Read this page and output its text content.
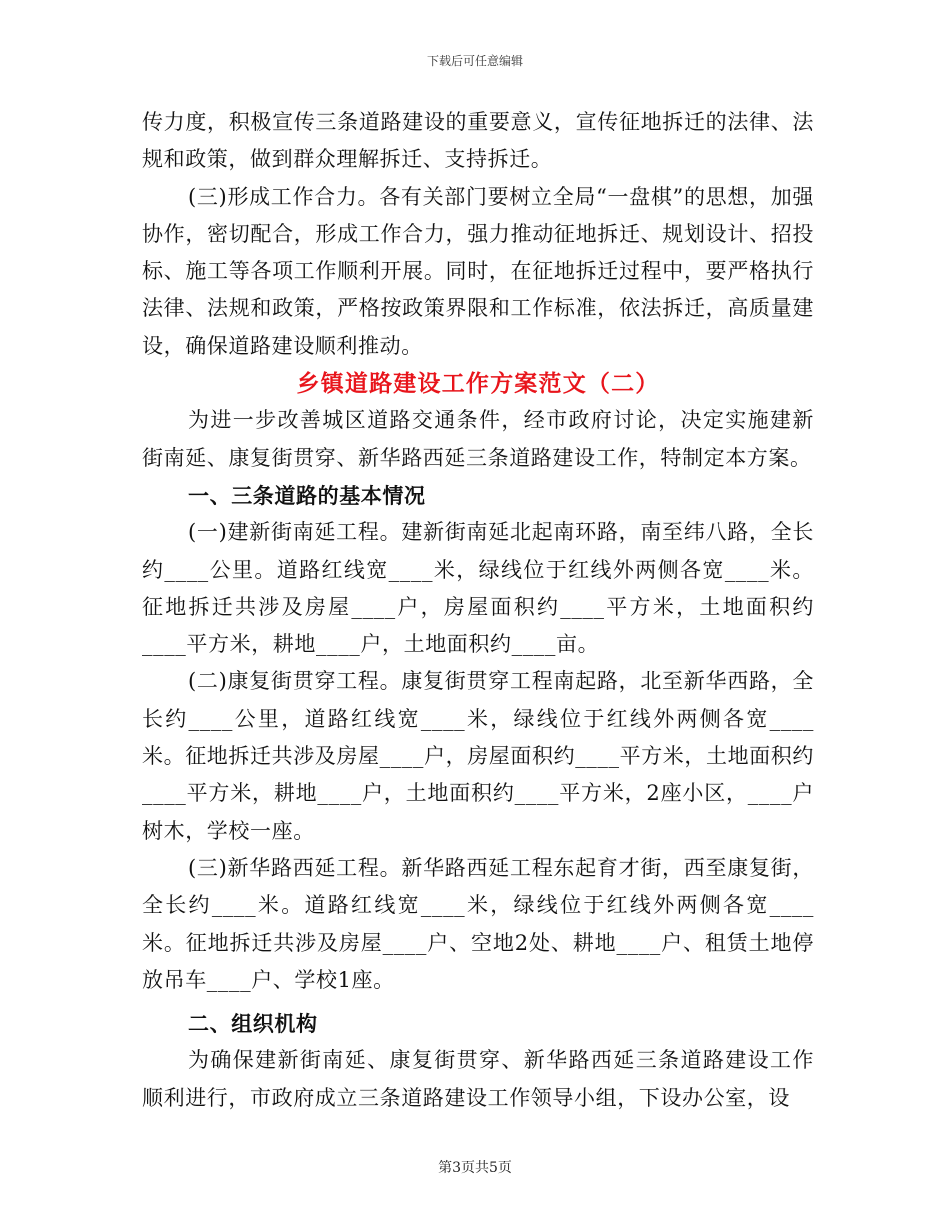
下载后可任意编辑

传力度，积极宣传三条道路建设的重要意义，宣传征地拆迁的法律、法规和政策，做到群众理解拆迁、支持拆迁。

(三)形成工作合力。各有关部门要树立全局“一盘棋”的思想，加强协作，密切配合，形成工作合力，强力推动征地拆迁、规划设计、招投标、施工等各项工作顺利开展。同时，在征地拆迁过程中，要严格执行法律、法规和政策，严格按政策界限和工作标准，依法拆迁，高质量建设，确保道路建设顺利推动。

乡镇道路建设工作方案范文（二）

为进一步改善城区道路交通条件，经市政府讨论，决定实施建新街南延、康复街贯穿、新华路西延三条道路建设工作，特制定本方案。

一、三条道路的基本情况

(一)建新街南延工程。建新街南延北起南环路，南至纬八路，全长约____公里。道路红线宽____米，绿线位于红线外两侧各宽____米。征地拆迁共涉及房屋____户，房屋面积约____平方米，土地面积约____平方米，耕地____户，土地面积约____亩。

(二)康复街贯穿工程。康复街贯穿工程南起路，北至新华西路，全长约____公里，道路红线宽____米，绿线位于红线外两侧各宽____米。征地拆迁共涉及房屋____户，房屋面积约____平方米，土地面积约____平方米，耕地____户，土地面积约____平方米，2座小区，____户树木，学校一座。

(三)新华路西延工程。新华路西延工程东起育才街，西至康复街，全长约____米。道路红线宽____米，绿线位于红线外两侧各宽____米。征地拆迁共涉及房屋____户、空地2处、耕地____户、租赁土地停放吊车____户、学校1座。

二、组织机构

为确保建新街南延、康复街贯穿、新华路西延三条道路建设工作顺利进行，市政府成立三条道路建设工作领导小组，下设办公室，设

第3页共5页
